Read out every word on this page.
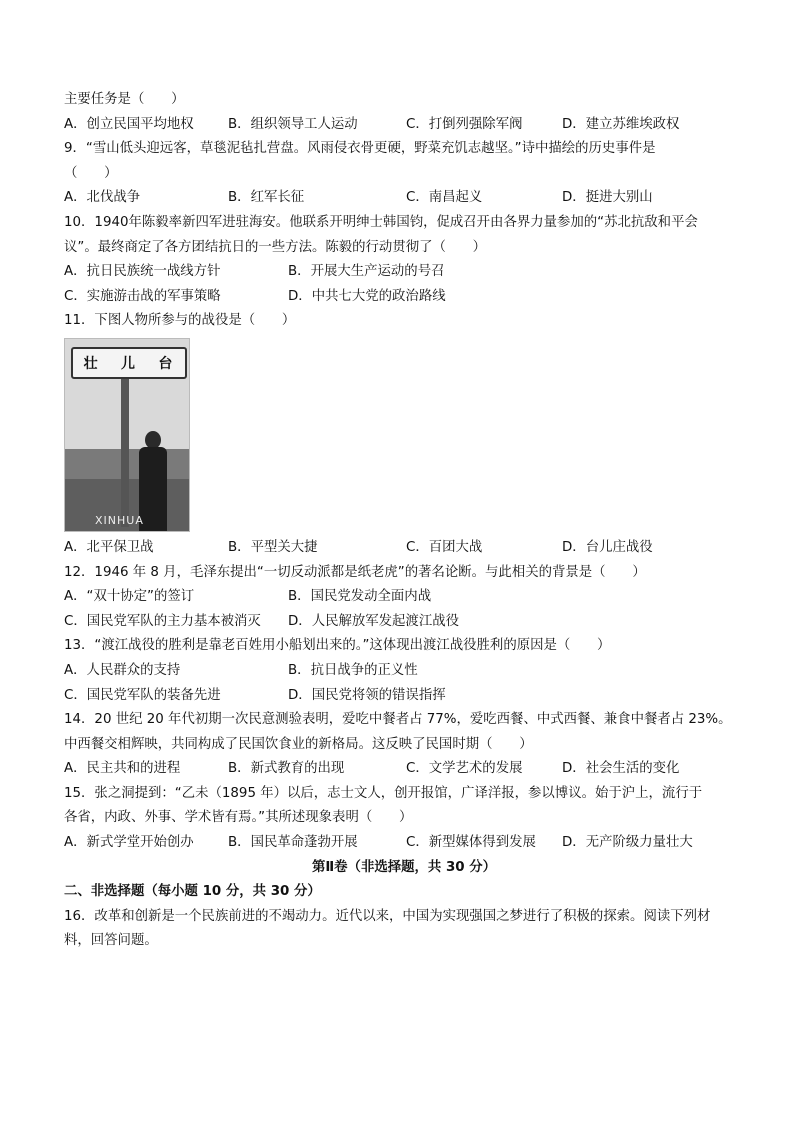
主要任务是（　　）
A．创立民国平均地权	B．组织领导工人运动	C．打倒列强除军阀	D．建立苏维埃政权
9．“雪山低头迎远客，草毯泥毡扎营盘。风雨侵衣骨更硬，野菜充饥志越坚。”诗中描绘的历史事件是
（　　）
A．北伐战争	B．红军长征	C．南昌起义	D．挺进大别山
10．1940年陈毅率新四军进驻海安。他联系开明绅士韩国钧，促成召开由各界力量参加的“苏北抗敌和平会
议”。最终商定了各方团结抗日的一些方法。陈毅的行动贯彻了（　　）
A．抗日民族统一战线方针	B．开展大生产运动的号召
C．实施游击战的军事策略	D．中共七大党的政治路线
11．下图人物所参与的战役是（　　）
壮 儿 台
XINHUA
A．北平保卫战	B．平型关大捷	C．百团大战	D．台儿庄战役
12．1946 年 8 月，毛泽东提出“一切反动派都是纸老虎”的著名论断。与此相关的背景是（　　）
A．“双十协定”的签订	B．国民党发动全面内战
C．国民党军队的主力基本被消灭	D．人民解放军发起渡江战役
13．“渡江战役的胜利是靠老百姓用小船划出来的。”这体现出渡江战役胜利的原因是（　　）
A．人民群众的支持	B．抗日战争的正义性
C．国民党军队的装备先进	D．国民党将领的错误指挥
14．20 世纪 20 年代初期一次民意测验表明，爱吃中餐者占 77%，爱吃西餐、中式西餐、兼食中餐者占 23%。
中西餐交相辉映，共同构成了民国饮食业的新格局。这反映了民国时期（　　）
A．民主共和的进程	B．新式教育的出现	C．文学艺术的发展	D．社会生活的变化
15．张之洞提到：“乙未（1895 年）以后，志士文人，创开报馆，广译洋报，参以博议。始于沪上，流行于
各省，内政、外事、学术皆有焉。”其所述现象表明（　　）
A．新式学堂开始创办	B．国民革命蓬勃开展	C．新型媒体得到发展	D．无产阶级力量壮大
第Ⅱ卷（非选择题，共 30 分）
二、非选择题（每小题 10 分，共 30 分）
16．改革和创新是一个民族前进的不竭动力。近代以来，中国为实现强国之梦进行了积极的探索。阅读下列材
料，回答问题。
